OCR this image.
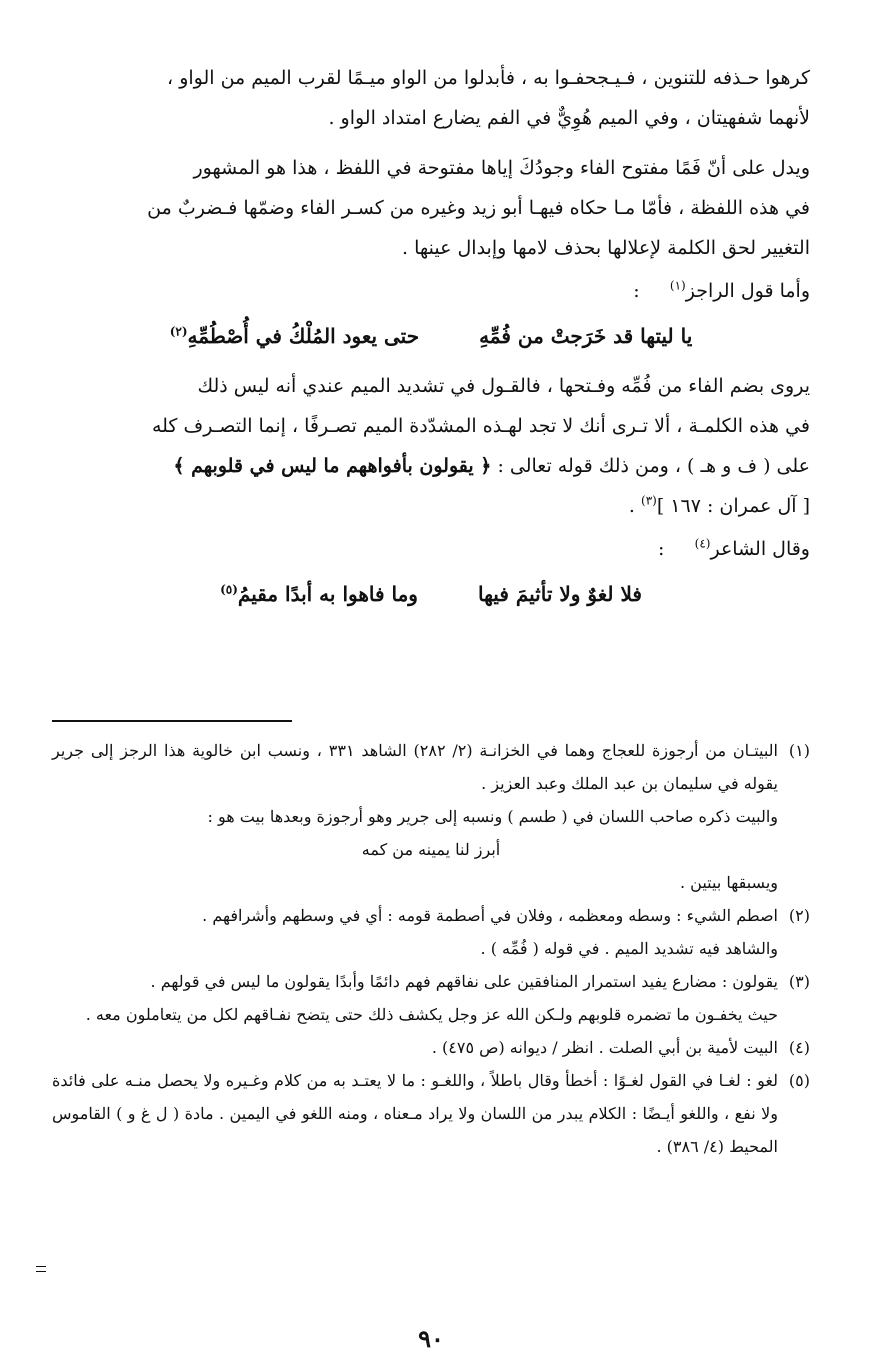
كرهوا حـذفه للتنوين ، فـيـجحفـوا به ، فأبدلوا من الواو ميـمًا لقرب الميم من الواو ،
لأنهما شفهيتان ، وفي الميم هُوِيٌّ في الفم يضارع امتداد الواو .

ويدل على أنّ فَمًا مفتوح الفاء وجودُكَ إياها مفتوحة في اللفظ ، هذا هو المشهور
في هذه اللفظة ، فأمّا مـا حكاه فيهـا أبو زيد وغيره من كسـر الفاء وضمّها فـضربٌ من
التغيير لحق الكلمة لإعلالها بحذف لامها وإبدال عينها .

وأما قول الراجز$^{(١)}$     :

يا ليتها قد خَرَجتْ من فُمِّهِ
حتى يعود المُلْكُ في أُصْطُمِّهِ$^{(٢)}$

يروى بضم الفاء من فُمِّه وفـتحها ، فالقـول في تشديد الميم عندي أنه ليس ذلك
في هذه الكلمـة ، ألا تـرى أنك لا تجد لهـذه المشدّدة الميم تصـرفًا ، إنما التصـرف كله
على ( ف و هـ ) ، ومن ذلك قوله تعالى : ﴿ يقولون بأفواههم ما ليس في قلوبهم ﴾
[ آل عمران : ١٦٧ ]$^{(٣)}$ .

وقال الشاعر$^{(٤)}$     :

فلا لغوٌ ولا تأثيمَ فيها
وما فاهوا به أبدًا مقيمُ$^{(٥)}$
(١)
البيتـان من أرجوزة للعجاج وهما في الخزانـة (٢/ ٢٨٢) الشاهد ٣٣١ ، ونسب ابن خالوية هذا الرجز إلى جرير يقوله في سليمان بن عبد الملك وعبد العزيز .

والبيت ذكره صاحب اللسان في ( طسم ) ونسبه إلى جرير وهو أرجوزة وبعدها بيت هو :

أبرز لنا يمينه من كمه

ويسبقها بيتين .

(٢)
اصطم الشيء : وسطه ومعظمه ، وفلان في أصطمة قومه : أي في وسطهم وأشرافهم .

والشاهد فيه تشديد الميم . في قوله ( فُمِّه ) .

(٣)
يقولون : مضارع يفيد استمرار المنافقين على نفاقهم فهم دائمًا وأبدًا يقولون ما ليس في قولهم .

حيث يخفـون ما تضمره قلوبهم ولـكن الله عز وجل يكشف ذلك حتى يتضح نفـاقهم لكل من يتعاملون معه .

(٤)
البيت لأمية بن أبي الصلت . انظر / ديوانه (ص ٤٧٥) .
(٥)
لغو : لغـا في القول لغـوًا : أخطأ وقال باطلاً ، واللغـو : ما لا يعتـد به من كلام وغـيره ولا يحصل منـه على فائدة ولا نفع ، واللغو أيـضًا : الكلام يبدر من اللسان ولا يراد مـعناه ، ومنه اللغو في اليمين . مادة ( ل غ و ) القاموس المحيط (٤/ ٣٨٦) .
٩٠
